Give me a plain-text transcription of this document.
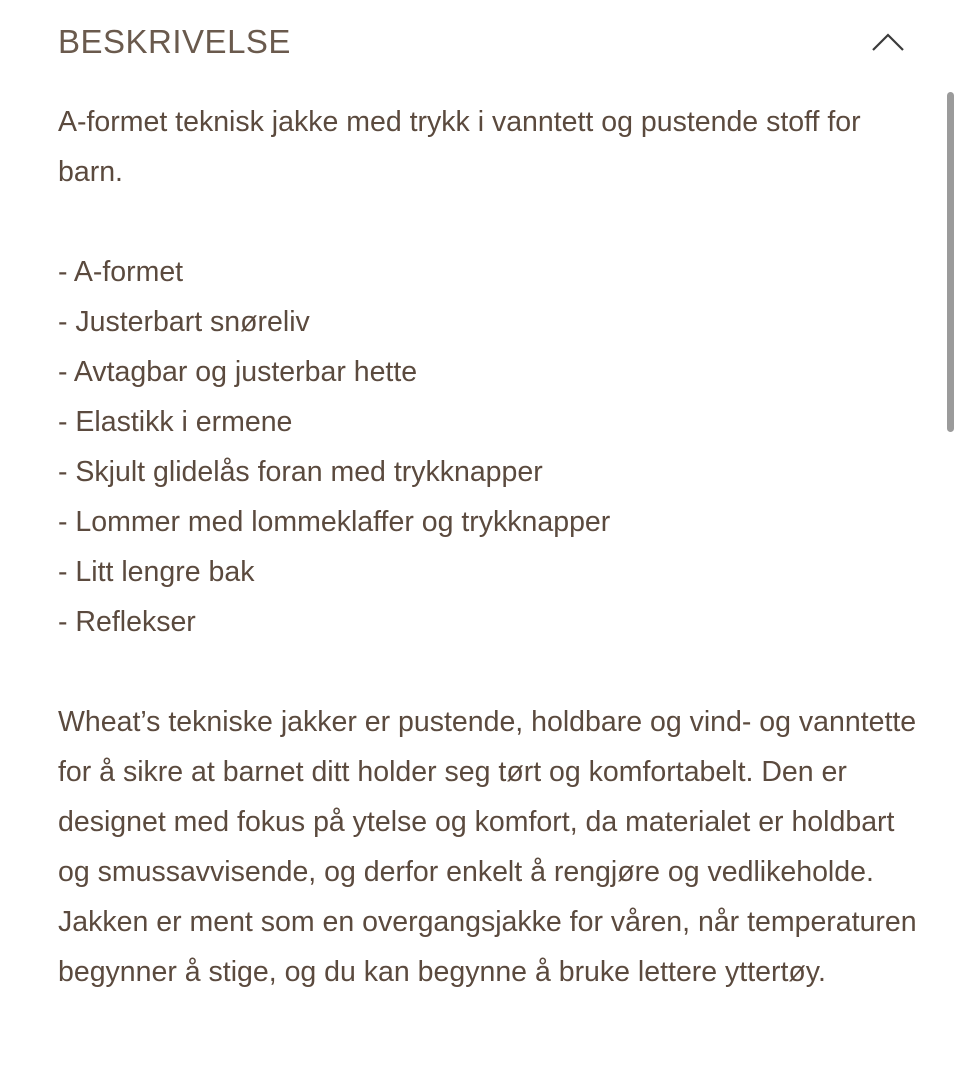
BESKRIVELSE

A-formet teknisk jakke med trykk i vanntett og pustende stoff for barn.

- A-formet
- Justerbart snøreliv
- Avtagbar og justerbar hette
- Elastikk i ermene
- Skjult glidelås foran med trykknapper
- Lommer med lommeklaffer og trykknapper
- Litt lengre bak
- Reflekser

Wheat’s tekniske jakker er pustende, holdbare og vind- og vanntette for å sikre at barnet ditt holder seg tørt og komfortabelt. Den er designet med fokus på ytelse og komfort, da materialet er holdbart og smussavvisende, og derfor enkelt å rengjøre og vedlikeholde. Jakken er ment som en overgangsjakke for våren, når temperaturen begynner å stige, og du kan begynne å bruke lettere yttertøy.
